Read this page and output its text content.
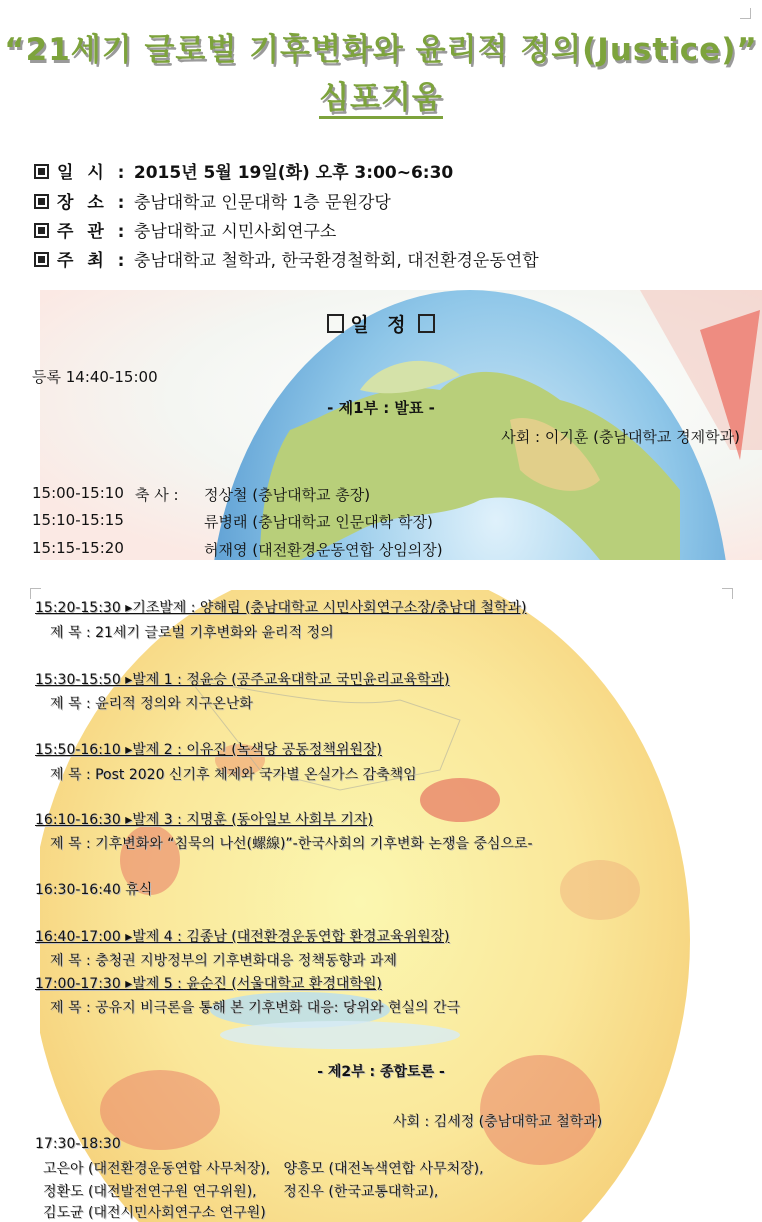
“21세기 글로벌 기후변화와 윤리적 정의(Justice)”
심포지움
일 시 : 2015년 5월 19일(화) 오후 3:00∼6:30
장 소 : 충남대학교 인문대학 1층 문원강당
주 관 : 충남대학교 시민사회연구소
주 최 : 충남대학교 철학과, 한국환경철학회, 대전환경운동연합
일 정
등록 14:40-15:00
- 제1부 : 발표 -
사회 : 이기훈 (충남대학교 경제학과)
15:00-15:10 축 사 : 정상철 (충남대학교 총장)
15:10-15:15	류병래 (충남대학교 인문대학 학장)
15:15-15:20	허재영 (대전환경운동연합 상임의장)
15:20-15:30 ▸기조발제 : 양해림 (충남대학교 시민사회연구소장/충남대 철학과)
제 목 : 21세기 글로벌 기후변화와 윤리적 정의
15:30-15:50 ▸발제 1 : 정윤승 (공주교육대학교 국민윤리교육학과)
제 목 : 윤리적 정의와 지구온난화
15:50-16:10 ▸발제 2 : 이유진 (녹색당 공동정책위원장)
제 목 : Post 2020 신기후 체제와 국가별 온실가스 감축책임
16:10-16:30 ▸발제 3 : 지명훈 (동아일보 사회부 기자)
제 목 : 기후변화와 “침묵의 나선(螺線)”-한국사회의 기후변화 논쟁을 중심으로-
16:30-16:40 휴식
16:40-17:00 ▸발제 4 : 김종남 (대전환경운동연합 환경교육위원장)
제 목 : 충청권 지방정부의 기후변화대응 정책동향과 과제
17:00-17:30 ▸발제 5 : 윤순진 (서울대학교 환경대학원)
제 목 : 공유지 비극론을 통해 본 기후변화 대응: 당위와 현실의 간극
- 제2부 : 종합토론 -
사회 : 김세정 (충남대학교 철학과)
17:30-18:30
고은아 (대전환경운동연합 사무처장),   양흥모 (대전녹색연합 사무처장),
정환도 (대전발전연구원 연구위원),      정진우 (한국교통대학교),
김도균 (대전시민사회연구소 연구원)
